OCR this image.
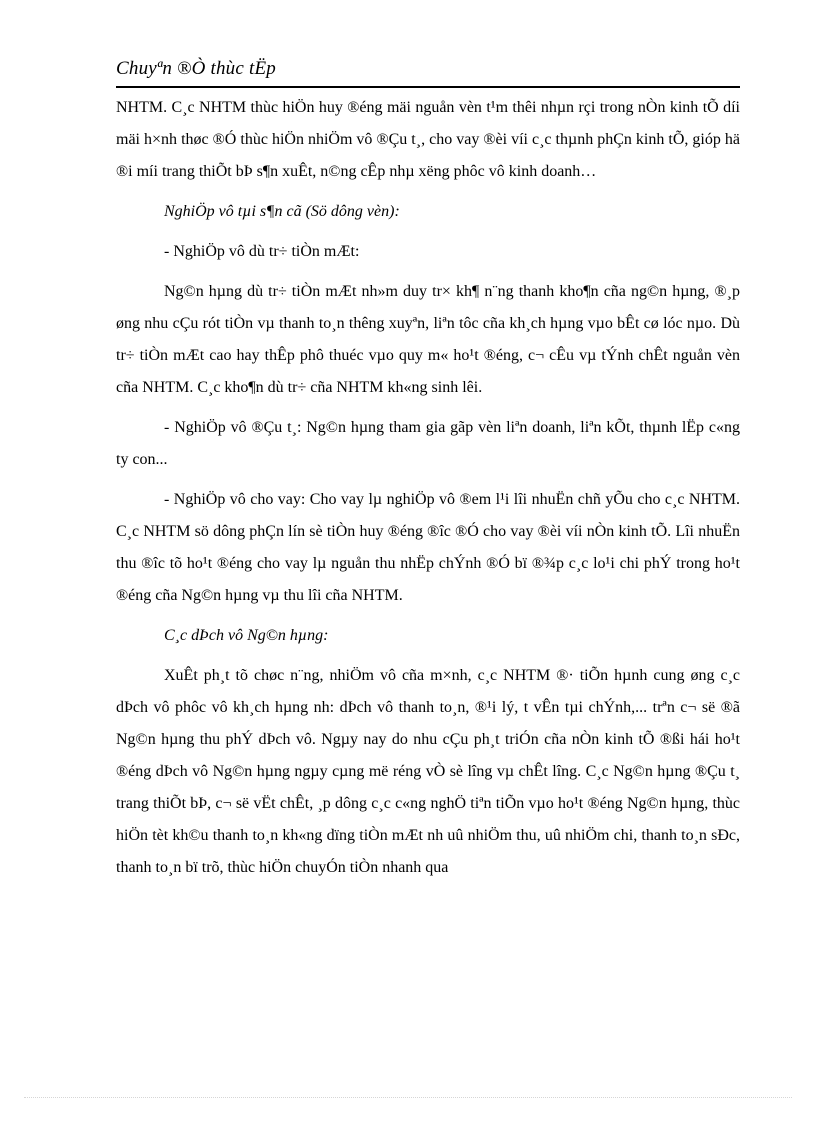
Chuyªn ®Ò thùc tËp

NHTM. C¸c NHTM thùc hiÖn huy ®éng mäi nguån vèn t¹m thêi nhµn rçi trong nÒn kinh tÕ díi mäi h×nh thøc ®Ó thùc hiÖn nhiÖm vô ®Çu t¸, cho vay ®èi víi c¸c thµnh phÇn kinh tÕ, gióp hä ®i míi trang thiÕt bÞ s¶n xuÊt, n©ng cÊp nhµ xëng phôc vô kinh doanh…

NghiÖp vô tµi s¶n cã (Sö dông vèn):

- NghiÖp vô dù tr÷ tiÒn mÆt:

Ng©n hµng dù tr÷ tiÒn mÆt nh»m duy tr× kh¶ n¨ng thanh kho¶n cña ng©n hµng, ®¸p øng nhu cÇu rót tiÒn vµ thanh to¸n thêng xuyªn, liªn tôc cña kh¸ch hµng vµo bÊt cø lóc nµo. Dù tr÷ tiÒn mÆt cao hay thÊp phô thuéc vµo quy m« ho¹t ®éng, c¬ cÊu vµ tÝnh chÊt nguån vèn cña NHTM. C¸c kho¶n dù tr÷ cña NHTM kh«ng sinh lêi.

- NghiÖp vô ®Çu t¸: Ng©n hµng tham gia gãp vèn liªn doanh, liªn kÕt, thµnh lËp c«ng ty con...

- NghiÖp vô cho vay: Cho vay lµ nghiÖp vô ®em l¹i lîi nhuËn chñ yÕu cho c¸c NHTM. C¸c NHTM sö dông phÇn lín sè tiÒn huy ®éng ®îc ®Ó cho vay ®èi víi nÒn kinh tÕ. Lîi nhuËn thu ®îc tõ ho¹t ®éng cho vay lµ nguån thu nhËp chÝnh ®Ó bï ®¾p c¸c lo¹i chi phÝ trong ho¹t ®éng cña Ng©n hµng vµ thu lîi cña NHTM.

C¸c dÞch vô Ng©n hµng:

XuÊt ph¸t tõ chøc n¨ng, nhiÖm vô cña m×nh, c¸c NHTM ®· tiÕn hµnh cung øng c¸c dÞch vô phôc vô kh¸ch hµng nh: dÞch vô thanh to¸n, ®¹i lý, t vÊn tµi chÝnh,... trªn c¬ së ®ã Ng©n hµng thu phÝ dÞch vô. Ngµy nay do nhu cÇu ph¸t triÓn cña nÒn kinh tÕ ®ßi hái ho¹t ®éng dÞch vô Ng©n hµng ngµy cµng më réng vÒ sè lîng vµ chÊt lîng. C¸c Ng©n hµng ®Çu t¸ trang thiÕt bÞ, c¬ së vËt chÊt, ¸p dông c¸c c«ng nghÖ tiªn tiÕn vµo ho¹t ®éng Ng©n hµng, thùc hiÖn tèt kh©u thanh to¸n kh«ng dïng tiÒn mÆt nh uû nhiÖm thu, uû nhiÖm chi, thanh to¸n sÐc, thanh to¸n bï trõ, thùc hiÖn chuyÓn tiÒn nhanh qua
